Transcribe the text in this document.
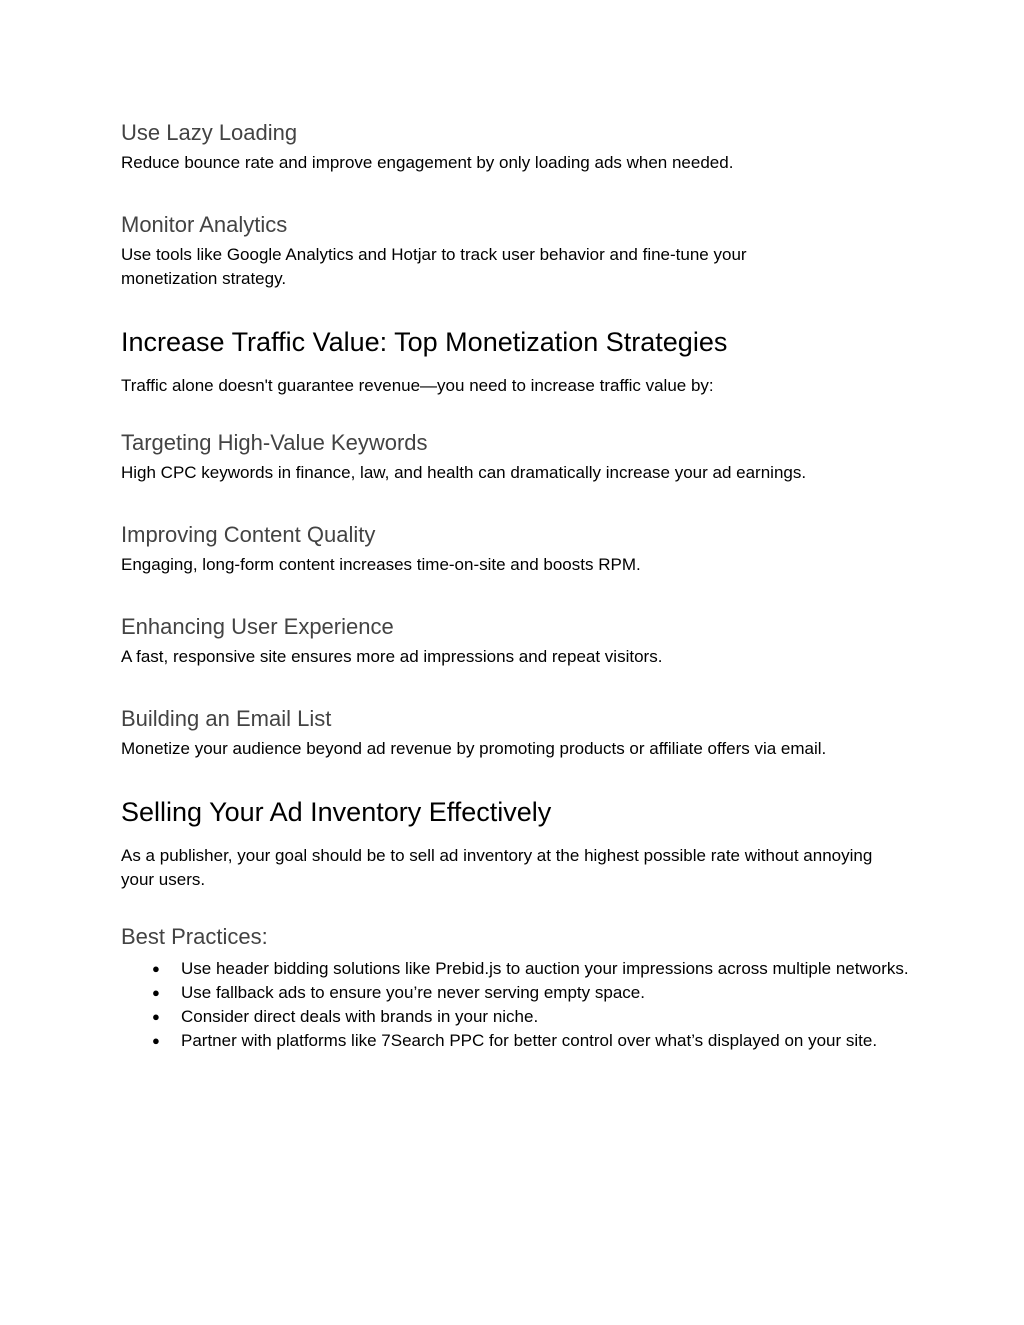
Use Lazy Loading

Reduce bounce rate and improve engagement by only loading ads when needed.

Monitor Analytics

Use tools like Google Analytics and Hotjar to track user behavior and fine-tune your monetization strategy.

Increase Traffic Value: Top Monetization Strategies

Traffic alone doesn't guarantee revenue—you need to increase traffic value by:

Targeting High-Value Keywords

High CPC keywords in finance, law, and health can dramatically increase your ad earnings.

Improving Content Quality

Engaging, long-form content increases time-on-site and boosts RPM.

Enhancing User Experience

A fast, responsive site ensures more ad impressions and repeat visitors.

Building an Email List

Monetize your audience beyond ad revenue by promoting products or affiliate offers via email.

Selling Your Ad Inventory Effectively

As a publisher, your goal should be to sell ad inventory at the highest possible rate without annoying your users.

Best Practices:
● Use header bidding solutions like Prebid.js to auction your impressions across multiple networks.
● Use fallback ads to ensure you’re never serving empty space.
● Consider direct deals with brands in your niche.
● Partner with platforms like 7Search PPC for better control over what’s displayed on your site.
